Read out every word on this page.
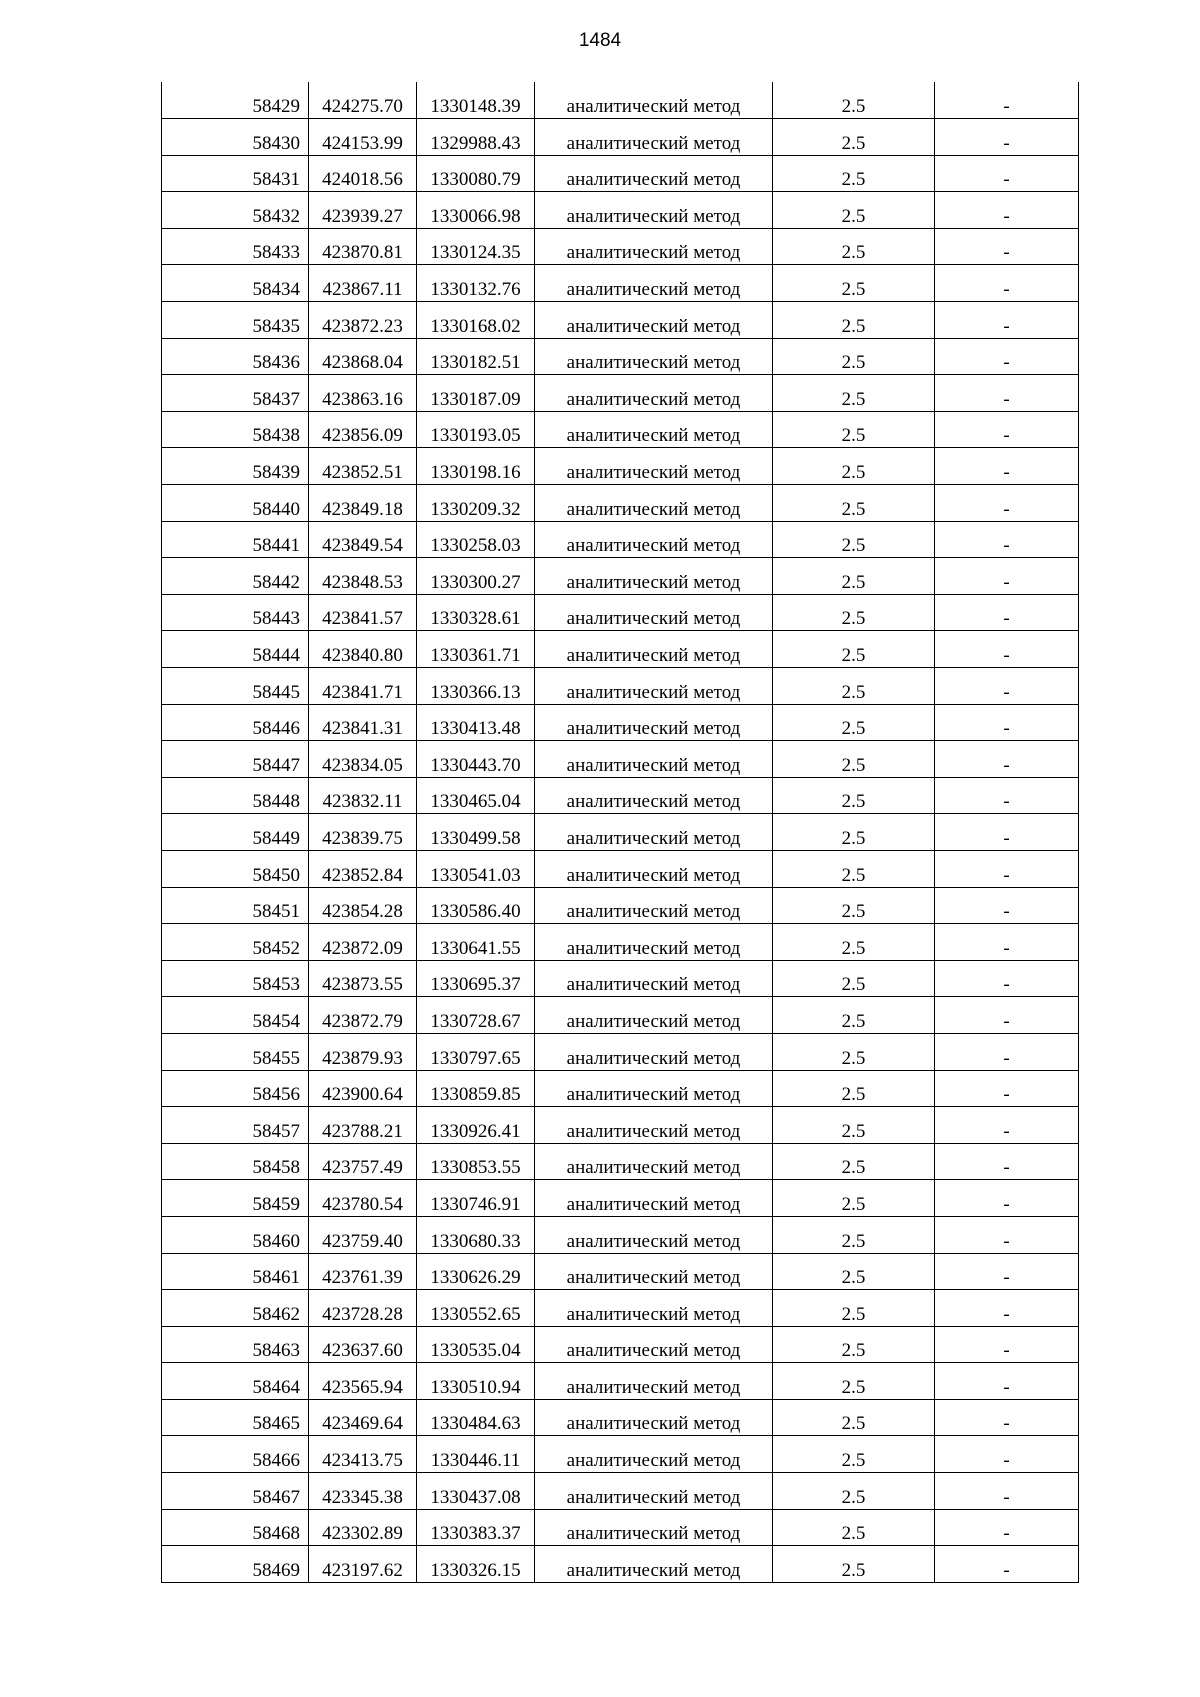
1484
58429	424275.70	1330148.39	аналитический метод	2.5	-
58430	424153.99	1329988.43	аналитический метод	2.5	-
58431	424018.56	1330080.79	аналитический метод	2.5	-
58432	423939.27	1330066.98	аналитический метод	2.5	-
58433	423870.81	1330124.35	аналитический метод	2.5	-
58434	423867.11	1330132.76	аналитический метод	2.5	-
58435	423872.23	1330168.02	аналитический метод	2.5	-
58436	423868.04	1330182.51	аналитический метод	2.5	-
58437	423863.16	1330187.09	аналитический метод	2.5	-
58438	423856.09	1330193.05	аналитический метод	2.5	-
58439	423852.51	1330198.16	аналитический метод	2.5	-
58440	423849.18	1330209.32	аналитический метод	2.5	-
58441	423849.54	1330258.03	аналитический метод	2.5	-
58442	423848.53	1330300.27	аналитический метод	2.5	-
58443	423841.57	1330328.61	аналитический метод	2.5	-
58444	423840.80	1330361.71	аналитический метод	2.5	-
58445	423841.71	1330366.13	аналитический метод	2.5	-
58446	423841.31	1330413.48	аналитический метод	2.5	-
58447	423834.05	1330443.70	аналитический метод	2.5	-
58448	423832.11	1330465.04	аналитический метод	2.5	-
58449	423839.75	1330499.58	аналитический метод	2.5	-
58450	423852.84	1330541.03	аналитический метод	2.5	-
58451	423854.28	1330586.40	аналитический метод	2.5	-
58452	423872.09	1330641.55	аналитический метод	2.5	-
58453	423873.55	1330695.37	аналитический метод	2.5	-
58454	423872.79	1330728.67	аналитический метод	2.5	-
58455	423879.93	1330797.65	аналитический метод	2.5	-
58456	423900.64	1330859.85	аналитический метод	2.5	-
58457	423788.21	1330926.41	аналитический метод	2.5	-
58458	423757.49	1330853.55	аналитический метод	2.5	-
58459	423780.54	1330746.91	аналитический метод	2.5	-
58460	423759.40	1330680.33	аналитический метод	2.5	-
58461	423761.39	1330626.29	аналитический метод	2.5	-
58462	423728.28	1330552.65	аналитический метод	2.5	-
58463	423637.60	1330535.04	аналитический метод	2.5	-
58464	423565.94	1330510.94	аналитический метод	2.5	-
58465	423469.64	1330484.63	аналитический метод	2.5	-
58466	423413.75	1330446.11	аналитический метод	2.5	-
58467	423345.38	1330437.08	аналитический метод	2.5	-
58468	423302.89	1330383.37	аналитический метод	2.5	-
58469	423197.62	1330326.15	аналитический метод	2.5	-
